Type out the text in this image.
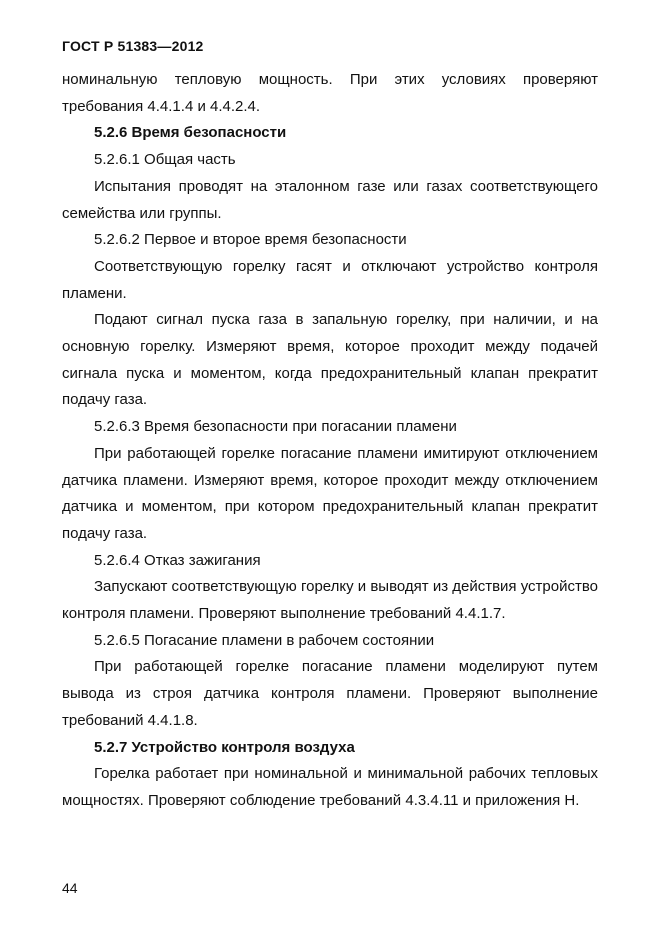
ГОСТ Р 51383—2012

номинальную тепловую мощность. При этих условиях проверяют требования 4.4.1.4 и 4.4.2.4.

5.2.6 Время безопасности

5.2.6.1 Общая часть

Испытания проводят на эталонном газе или газах соответствующего семейства или группы.

5.2.6.2 Первое и второе время безопасности

Соответствующую горелку гасят и отключают устройство контроля пламени.

Подают сигнал пуска газа в запальную горелку, при наличии, и на основную горелку. Измеряют время, которое проходит между подачей сигнала пуска и моментом, когда предохранительный клапан прекратит подачу газа.

5.2.6.3 Время безопасности при погасании пламени

При работающей горелке погасание пламени имитируют отключением датчика пламени. Измеряют время, которое проходит между отключением датчика и моментом, при котором предохранительный клапан прекратит подачу газа.

5.2.6.4 Отказ зажигания

Запускают соответствующую горелку и выводят из действия устройство контроля пламени. Проверяют выполнение требований 4.4.1.7.

5.2.6.5 Погасание пламени в рабочем состоянии

При работающей горелке погасание пламени моделируют путем вывода из строя датчика контроля пламени. Проверяют выполнение требований 4.4.1.8.

5.2.7 Устройство контроля воздуха

Горелка работает при номинальной и минимальной рабочих тепловых мощностях. Проверяют соблюдение требований 4.3.4.11 и приложения Н.

44
